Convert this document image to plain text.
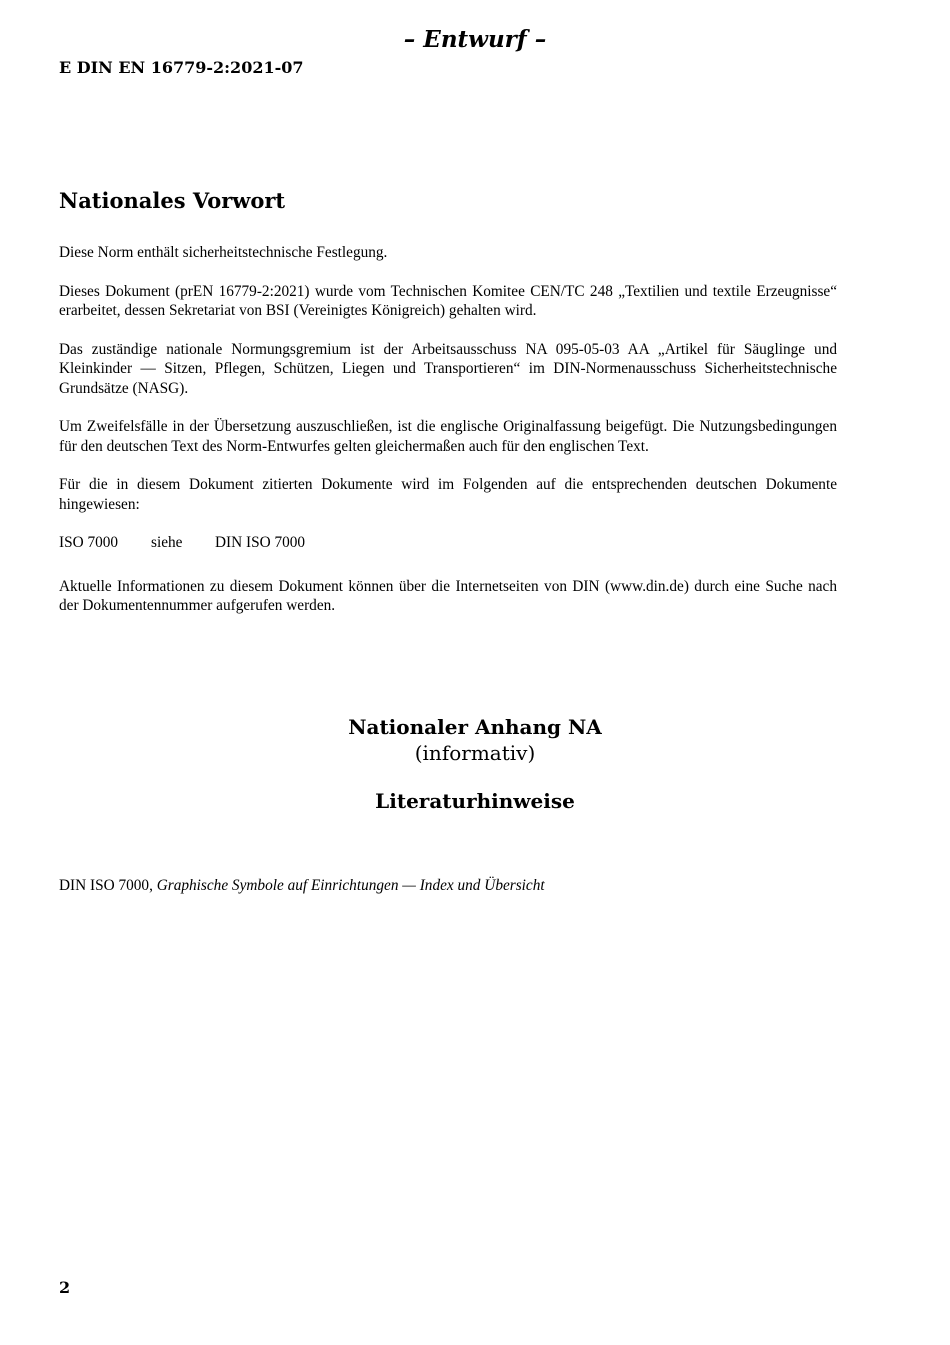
– Entwurf –
E DIN EN 16779-2:2021-07
Nationales Vorwort

Diese Norm enthält sicherheitstechnische Festlegung.

Dieses Dokument (prEN 16779-2:2021) wurde vom Technischen Komitee CEN/TC 248 „Textilien und textile Erzeugnisse“ erarbeitet, dessen Sekretariat von BSI (Vereinigtes Königreich) gehalten wird.

Das zuständige nationale Normungsgremium ist der Arbeitsausschuss NA 095-05-03 AA „Artikel für Säuglinge und Kleinkinder — Sitzen, Pflegen, Schützen, Liegen und Transportieren“ im DIN-Normenausschuss Sicherheitstechnische Grundsätze (NASG).

Um Zweifelsfälle in der Übersetzung auszuschließen, ist die englische Originalfassung beigefügt. Die Nutzungsbedingungen für den deutschen Text des Norm-Entwurfes gelten gleichermaßen auch für den englischen Text.

Für die in diesem Dokument zitierten Dokumente wird im Folgenden auf die entsprechenden deutschen Dokumente hingewiesen:

ISO 7000	siehe	DIN ISO 7000

Aktuelle Informationen zu diesem Dokument können über die Internetseiten von DIN (www.din.de) durch eine Suche nach der Dokumentennummer aufgerufen werden.

Nationaler Anhang NA
(informativ)
Literaturhinweise
DIN ISO 7000, Graphische Symbole auf Einrichtungen — Index und Übersicht
2
